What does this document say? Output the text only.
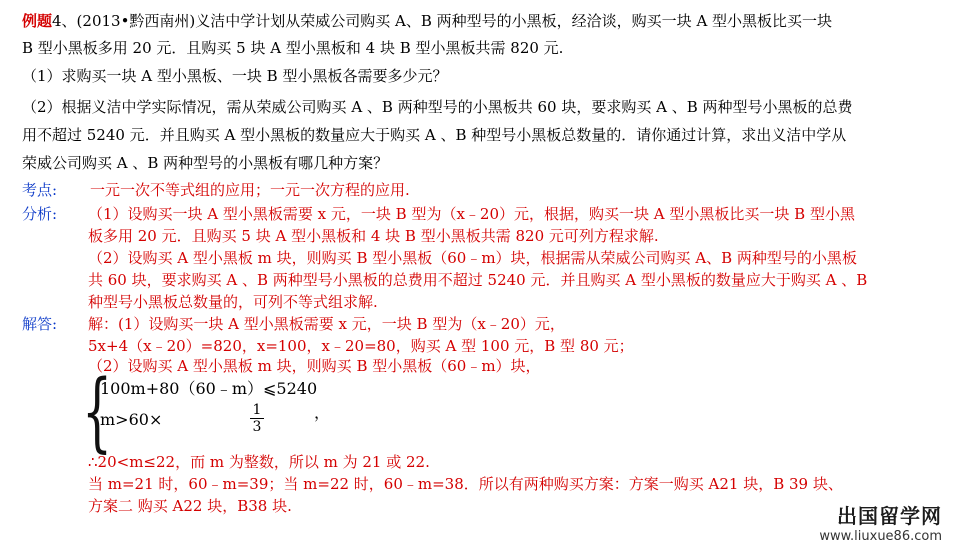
例题4、(2013•黔西南州)义洁中学计划从荣威公司购买 A、B 两种型号的小黑板，经洽谈，购买一块 A 型小黑板比买一块
B 型小黑板多用 20 元．且购买 5 块 A 型小黑板和 4 块 B 型小黑板共需 820 元.
（1）求购买一块 A 型小黑板、一块 B 型小黑板各需要多少元？
（2）根据义洁中学实际情况，需从荣威公司购买 A 、B 两种型号的小黑板共 60 块，要求购买 A 、B 两种型号小黑板的总费
用不超过 5240 元．并且购买 A 型小黑板的数量应大于购买 A 、B 种型号小黑板总数量的．请你通过计算，求出义洁中学从
荣威公司购买 A 、B 两种型号的小黑板有哪几种方案？
考点: 一元一次不等式组的应用；一元一次方程的应用.
分析: （1）设购买一块 A 型小黑板需要 x 元，一块 B 型为（x﹣20）元，根据，购买一块 A 型小黑板比买一块 B 型小黑
板多用 20 元．且购买 5 块 A 型小黑板和 4 块 B 型小黑板共需 820 元可列方程求解.
（2）设购买 A 型小黑板 m 块，则购买 B 型小黑板（60﹣m）块，根据需从荣威公司购买 A、B 两种型号的小黑板
共 60 块，要求购买 A 、B 两种型号小黑板的总费用不超过 5240 元．并且购买 A 型小黑板的数量应大于购买 A 、B
种型号小黑板总数量的，可列不等式组求解.
解答: 解：(1）设购买一块 A 型小黑板需要 x 元，一块 B 型为（x﹣20）元，
5x+4（x﹣20）=820，x=100，x﹣20=80，购买 A 型 100 元，B 型 80 元；
（2）设购买 A 型小黑板 m 块，则购买 B 型小黑板（60﹣m）块，
{
100m+80（60﹣m）⩽5240
m>60×	$\frac{1}{3}$	，
∴20<m≤22，而 m 为整数，所以 m 为 21 或 22.
当 m=21 时，60﹣m=39；当 m=22 时，60﹣m=38．所以有两种购买方案：方案一购买 A21 块，B 39 块、
方案二 购买 A22 块，B38 块.	出国留学网
www.liuxue86.com
